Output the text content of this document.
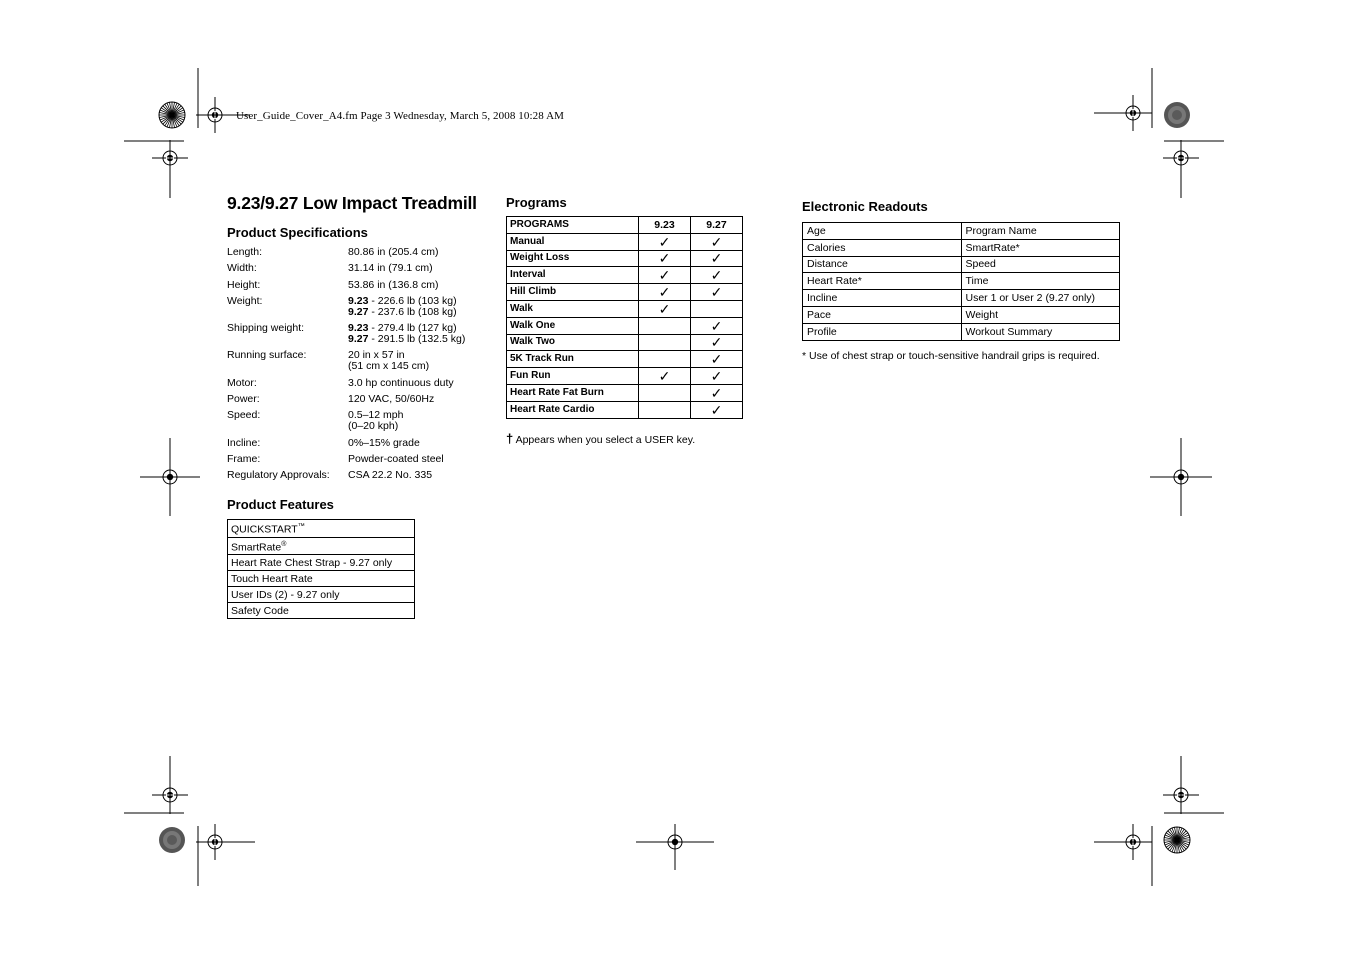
User_Guide_Cover_A4.fm Page 3 Wednesday, March 5, 2008 10:28 AM
9.23/9.27 Low Impact Treadmill
Product Specifications
Length:	80.86 in (205.4 cm)
Width:	31.14 in (79.1 cm)
Height:	53.86 in (136.8 cm)
Weight:	9.23 - 226.6 lb (103 kg)
9.27 - 237.6 lb (108 kg)
Shipping weight:	9.23 - 279.4 lb (127 kg)
9.27 - 291.5 lb (132.5 kg)
Running surface:	20 in x 57 in
(51 cm x 145 cm)
Motor:	3.0 hp continuous duty
Power:	120 VAC, 50/60Hz
Speed:	0.5–12 mph
(0–20 kph)
Incline:	0%–15% grade
Frame:	Powder-coated steel
Regulatory Approvals:	CSA 22.2 No. 335
Product Features
QUICKSTART™
SmartRate®
Heart Rate Chest Strap - 9.27 only
Touch Heart Rate
User IDs (2) - 9.27 only
Safety Code
Programs
PROGRAMS	9.23	9.27
Manual	✓	✓
Weight Loss	✓	✓
Interval	✓	✓
Hill Climb	✓	✓
Walk	✓	
Walk One		✓
Walk Two		✓
5K Track Run		✓
Fun Run	✓	✓
Heart Rate Fat Burn		✓
Heart Rate Cardio		✓
† Appears when you select a USER key.
Electronic Readouts
Age	Program Name
Calories	SmartRate*
Distance	Speed
Heart Rate*	Time
Incline	User 1 or User 2 (9.27 only)
Pace	Weight
Profile	Workout Summary
* Use of chest strap or touch-sensitive handrail grips is required.
